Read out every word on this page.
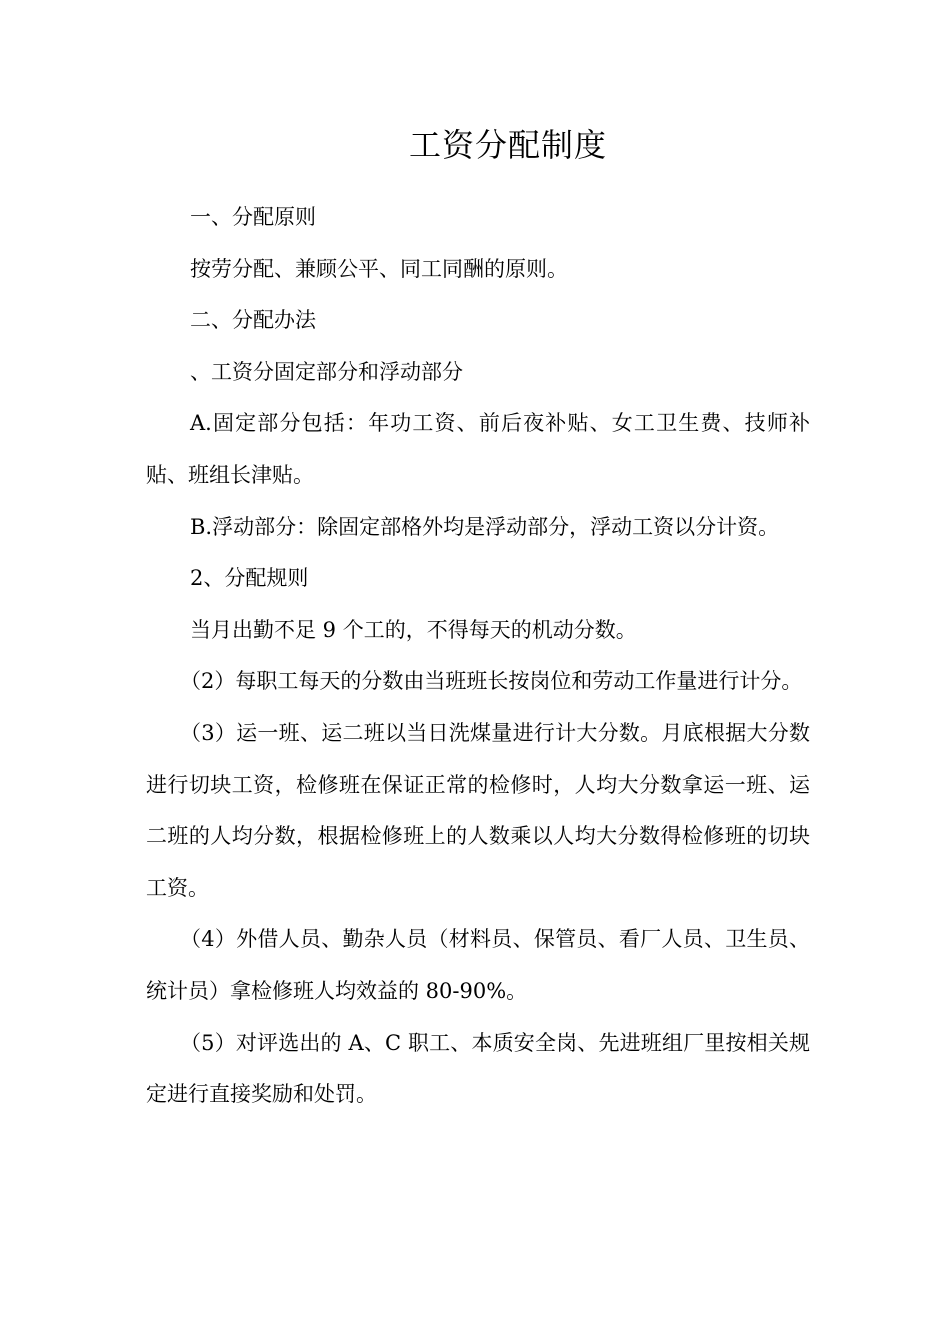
工资分配制度

一、分配原则

按劳分配、兼顾公平、同工同酬的原则。

二、分配办法

、工资分固定部分和浮动部分

A.固定部分包括：年功工资、前后夜补贴、女工卫生费、技师补贴、班组长津贴。

B.浮动部分：除固定部格外均是浮动部分，浮动工资以分计资。

2、分配规则

当月出勤不足 9 个工的，不得每天的机动分数。

（2）每职工每天的分数由当班班长按岗位和劳动工作量进行计分。

（3）运一班、运二班以当日洗煤量进行计大分数。月底根据大分数进行切块工资，检修班在保证正常的检修时，人均大分数拿运一班、运二班的人均分数，根据检修班上的人数乘以人均大分数得检修班的切块工资。

（4）外借人员、勤杂人员（材料员、保管员、看厂人员、卫生员、统计员）拿检修班人均效益的 80-90%。

（5）对评选出的 A、C 职工、本质安全岗、先进班组厂里按相关规定进行直接奖励和处罚。
